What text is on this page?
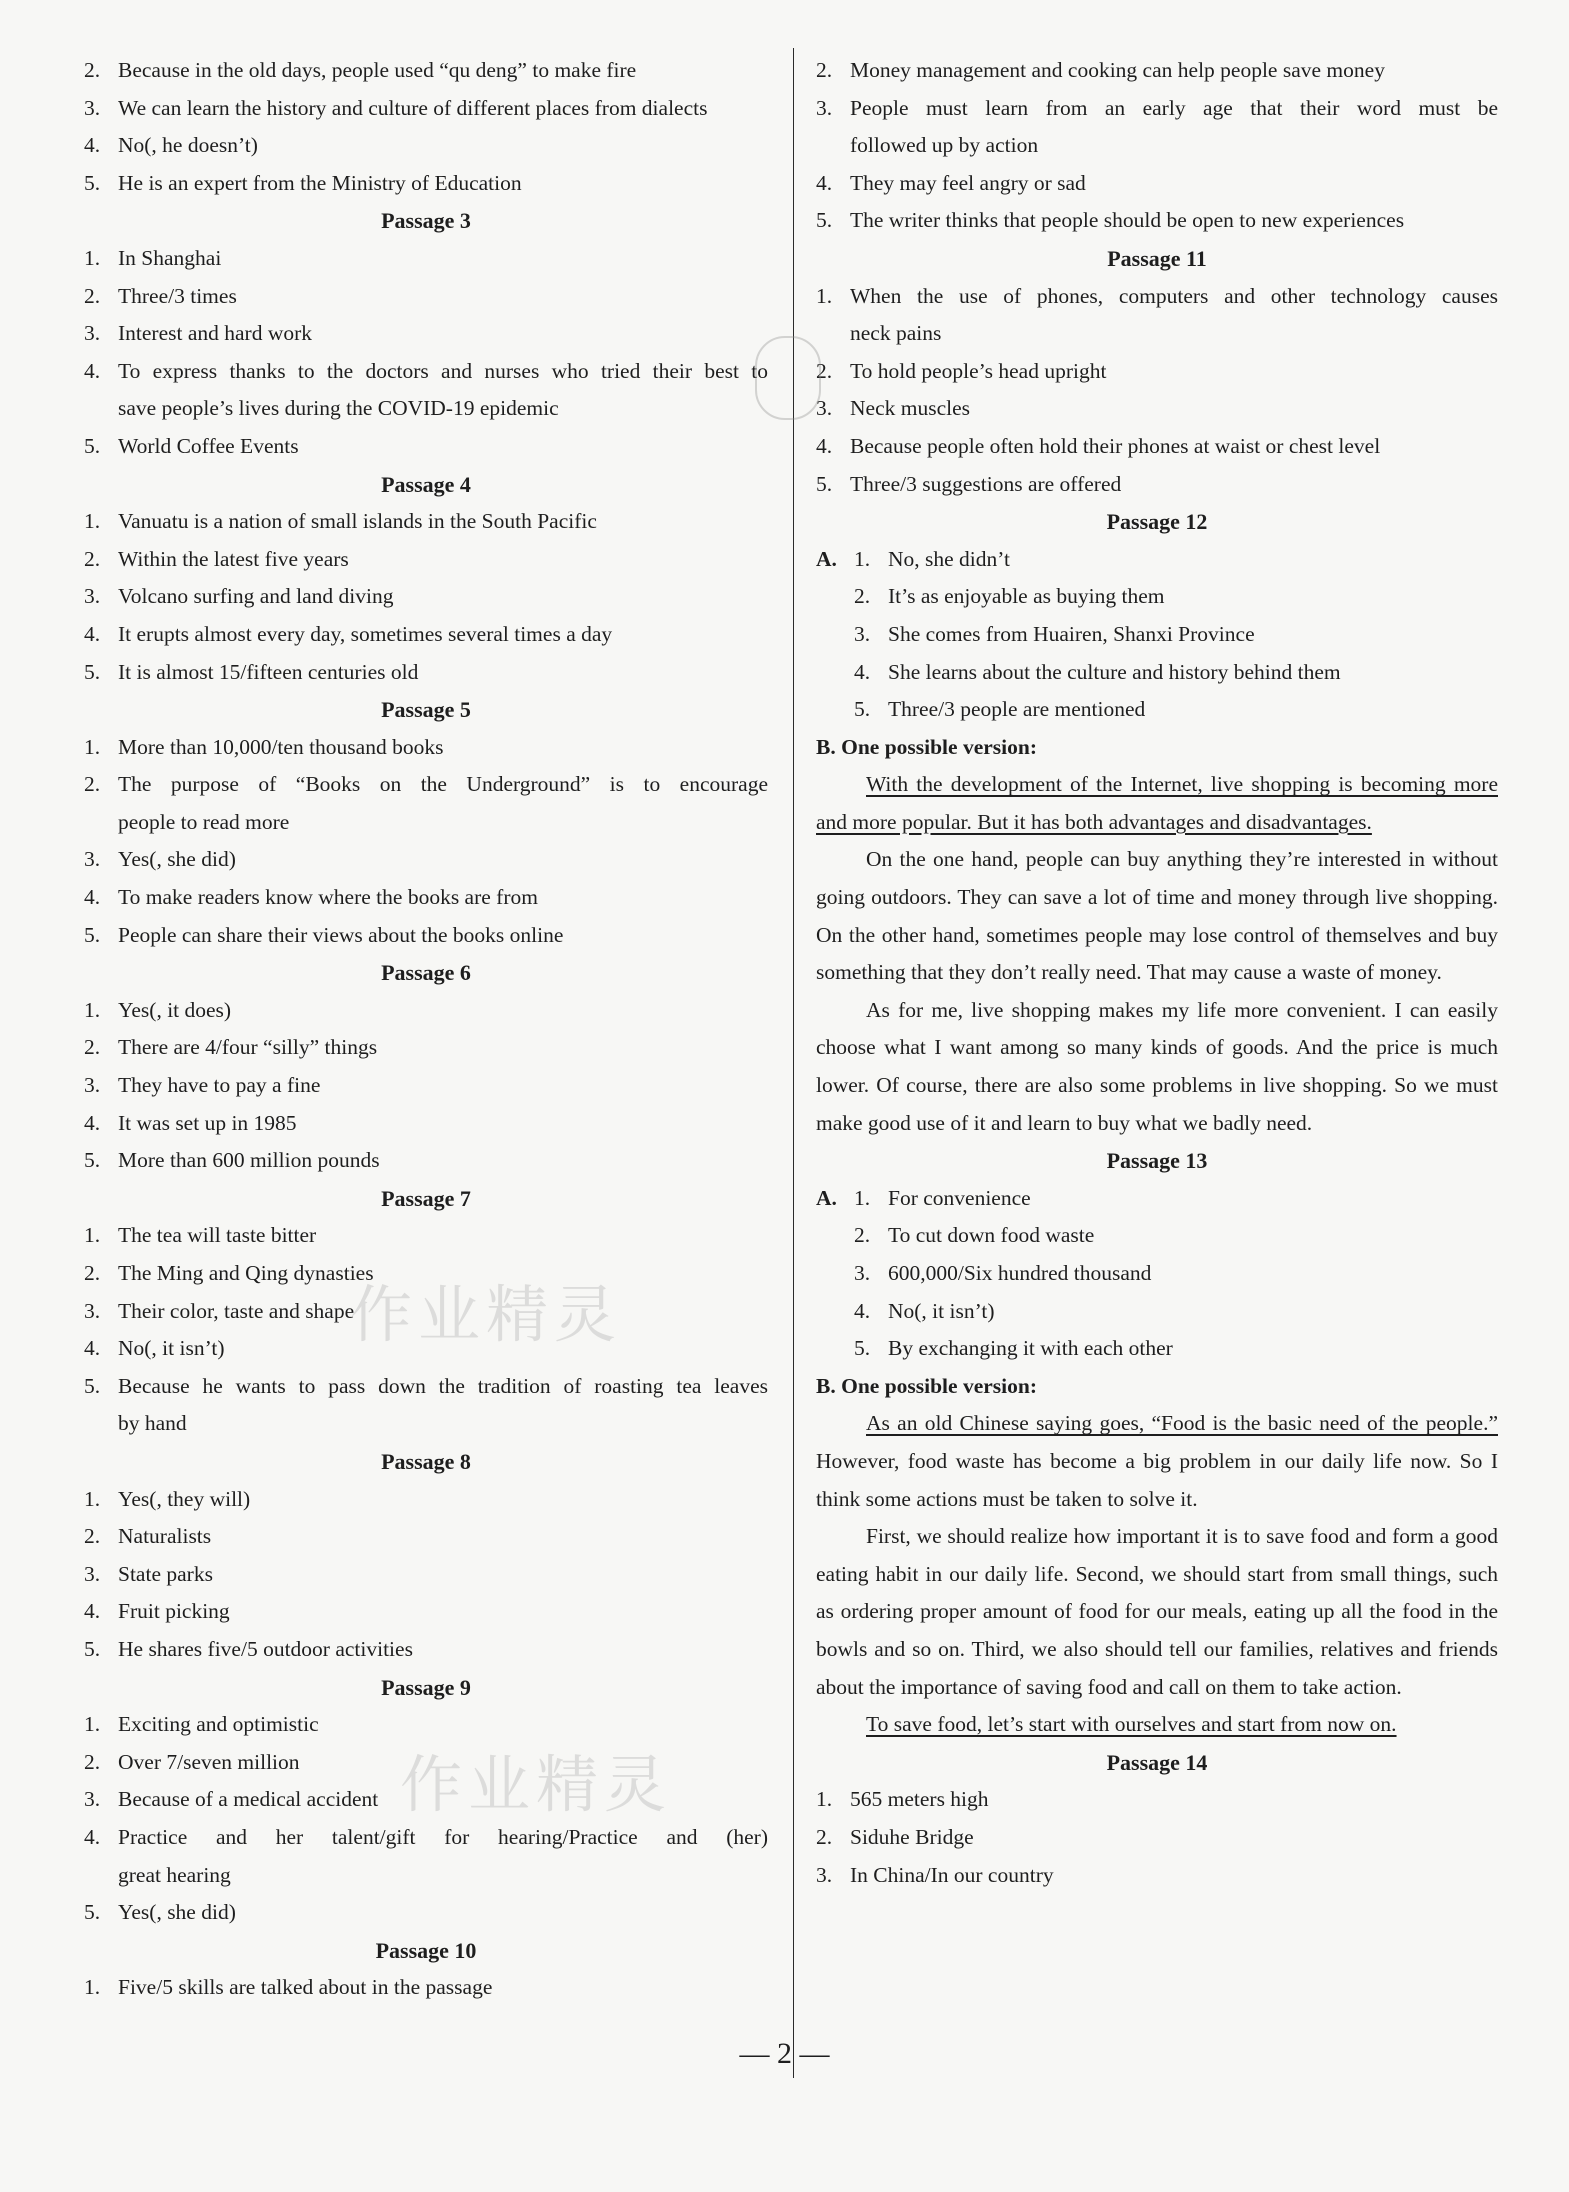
2. Because in the old days, people used “qu deng” to make fire
3. We can learn the history and culture of different places from dialects
4. No(, he doesn’t)
5. He is an expert from the Ministry of Education
Passage 3
1. In Shanghai
2. Three/3 times
3. Interest and hard work
4. To express thanks to the doctors and nurses who tried their best to
save people’s lives during the COVID-19 epidemic
5. World Coffee Events
Passage 4
1. Vanuatu is a nation of small islands in the South Pacific
2. Within the latest five years
3. Volcano surfing and land diving
4. It erupts almost every day, sometimes several times a day
5. It is almost 15/fifteen centuries old
Passage 5
1. More than 10,000/ten thousand books
2. The purpose of “Books on the Underground” is to encourage
people to read more
3. Yes(, she did)
4. To make readers know where the books are from
5. People can share their views about the books online
Passage 6
1. Yes(, it does)
2. There are 4/four “silly” things
3. They have to pay a fine
4. It was set up in 1985
5. More than 600 million pounds
Passage 7
1. The tea will taste bitter
2. The Ming and Qing dynasties
3. Their color, taste and shape
4. No(, it isn’t)
5. Because he wants to pass down the tradition of roasting tea leaves
by hand
Passage 8
1. Yes(, they will)
2. Naturalists
3. State parks
4. Fruit picking
5. He shares five/5 outdoor activities
Passage 9
1. Exciting and optimistic
2. Over 7/seven million
3. Because of a medical accident
4. Practice and her talent/gift for hearing/Practice and (her)
great hearing
5. Yes(, she did)
Passage 10
1. Five/5 skills are talked about in the passage
2. Money management and cooking can help people save money
3. People must learn from an early age that their word must be
followed up by action
4. They may feel angry or sad
5. The writer thinks that people should be open to new experiences
Passage 11
1. When the use of phones, computers and other technology causes
neck pains
2. To hold people’s head upright
3. Neck muscles
4. Because people often hold their phones at waist or chest level
5. Three/3 suggestions are offered
Passage 12
A. 1. No, she didn’t
2. It’s as enjoyable as buying them
3. She comes from Huairen, Shanxi Province
4. She learns about the culture and history behind them
5. Three/3 people are mentioned
B. One possible version:

With the development of the Internet, live shopping is becoming more and more popular. But it has both advantages and disadvantages.

On the one hand, people can buy anything they’re interested in without going outdoors. They can save a lot of time and money through live shopping. On the other hand, sometimes people may lose control of themselves and buy something that they don’t really need. That may cause a waste of money.

As for me, live shopping makes my life more convenient. I can easily choose what I want among so many kinds of goods. And the price is much lower. Of course, there are also some problems in live shopping. So we must make good use of it and learn to buy what we badly need.

Passage 13
A. 1. For convenience
2. To cut down food waste
3. 600,000/Six hundred thousand
4. No(, it isn’t)
5. By exchanging it with each other
B. One possible version:

As an old Chinese saying goes, “Food is the basic need of the people.” However, food waste has become a big problem in our daily life now. So I think some actions must be taken to solve it.

First, we should realize how important it is to save food and form a good eating habit in our daily life. Second, we should start from small things, such as ordering proper amount of food for our meals, eating up all the food in the bowls and so on. Third, we also should tell our families, relatives and friends about the importance of saving food and call on them to take action.

To save food, let’s start with ourselves and start from now on.

Passage 14
1. 565 meters high
2. Siduhe Bridge
3. In China/In our country
作业精灵
作业精灵
— 2 —
